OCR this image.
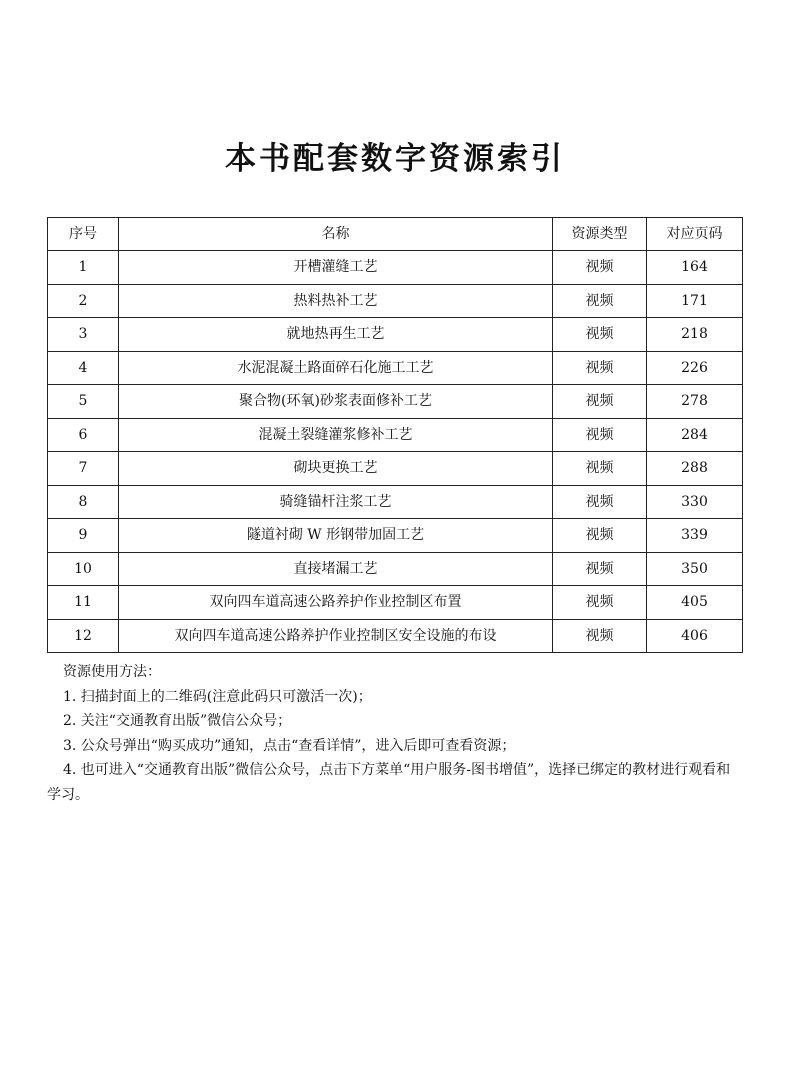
本书配套数字资源索引
序号	名称	资源类型	对应页码
1	开槽灌缝工艺	视频	164
2	热料热补工艺	视频	171
3	就地热再生工艺	视频	218
4	水泥混凝土路面碎石化施工工艺	视频	226
5	聚合物(环氧)砂浆表面修补工艺	视频	278
6	混凝土裂缝灌浆修补工艺	视频	284
7	砌块更换工艺	视频	288
8	骑缝锚杆注浆工艺	视频	330
9	隧道衬砌 W 形钢带加固工艺	视频	339
10	直接堵漏工艺	视频	350
11	双向四车道高速公路养护作业控制区布置	视频	405
12	双向四车道高速公路养护作业控制区安全设施的布设	视频	406

资源使用方法：

1. 扫描封面上的二维码(注意此码只可激活一次)；

2. 关注“交通教育出版”微信公众号；

3. 公众号弹出“购买成功”通知，点击“查看详情”，进入后即可查看资源；

4. 也可进入“交通教育出版”微信公众号，点击下方菜单“用户服务-图书增值”，选择已绑定的教材进行观看和学习。
